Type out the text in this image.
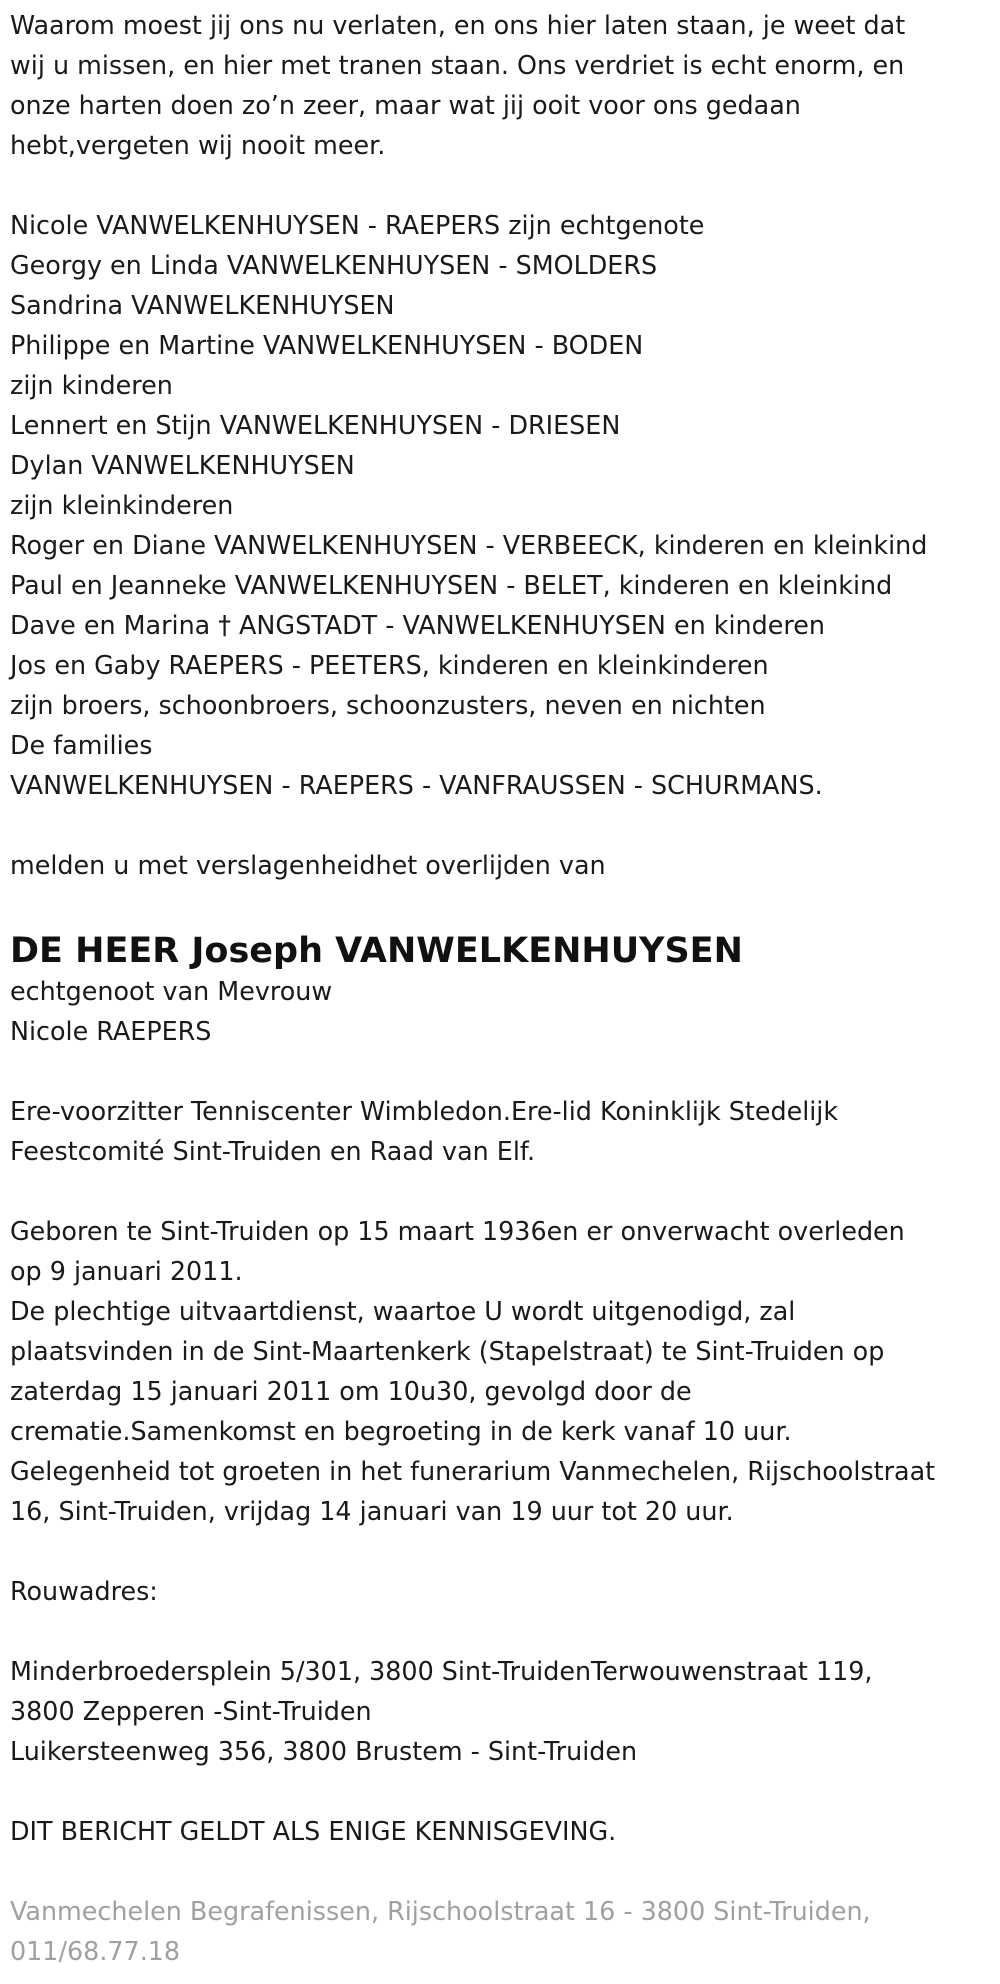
Waarom moest jij ons nu verlaten, en ons hier laten staan, je weet dat
wij u missen, en hier met tranen staan. Ons verdriet is echt enorm, en
onze harten doen zo’n zeer, maar wat jij ooit voor ons gedaan
hebt,vergeten wij nooit meer.
Nicole VANWELKENHUYSEN - RAEPERS zijn echtgenote
Georgy en Linda VANWELKENHUYSEN - SMOLDERS
Sandrina VANWELKENHUYSEN
Philippe en Martine VANWELKENHUYSEN - BODEN
zijn kinderen
Lennert en Stijn VANWELKENHUYSEN - DRIESEN
Dylan VANWELKENHUYSEN
zijn kleinkinderen
Roger en Diane VANWELKENHUYSEN - VERBEECK, kinderen en kleinkind
Paul en Jeanneke VANWELKENHUYSEN - BELET, kinderen en kleinkind
Dave en Marina † ANGSTADT - VANWELKENHUYSEN en kinderen
Jos en Gaby RAEPERS - PEETERS, kinderen en kleinkinderen
zijn broers, schoonbroers, schoonzusters, neven en nichten
De families
VANWELKENHUYSEN - RAEPERS - VANFRAUSSEN - SCHURMANS.
melden u met verslagenheidhet overlijden van
DE HEER Joseph VANWELKENHUYSEN
echtgenoot van Mevrouw
Nicole RAEPERS
Ere-voorzitter Tenniscenter Wimbledon.Ere-lid Koninklijk Stedelijk
Feestcomité Sint-Truiden en Raad van Elf.
Geboren te Sint-Truiden op 15 maart 1936en er onverwacht overleden
op 9 januari 2011.
De plechtige uitvaartdienst, waartoe U wordt uitgenodigd, zal
plaatsvinden in de Sint-Maartenkerk (Stapelstraat) te Sint-Truiden op
zaterdag 15 januari 2011 om 10u30, gevolgd door de
crematie.Samenkomst en begroeting in de kerk vanaf 10 uur.
Gelegenheid tot groeten in het funerarium Vanmechelen, Rijschoolstraat
16, Sint-Truiden, vrijdag 14 januari van 19 uur tot 20 uur.
Rouwadres:
Minderbroedersplein 5/301, 3800 Sint-TruidenTerwouwenstraat 119,
3800 Zepperen -Sint-Truiden
Luikersteenweg 356, 3800 Brustem - Sint-Truiden
DIT BERICHT GELDT ALS ENIGE KENNISGEVING.
Vanmechelen Begrafenissen, Rijschoolstraat 16 - 3800 Sint-Truiden,
011/68.77.18
